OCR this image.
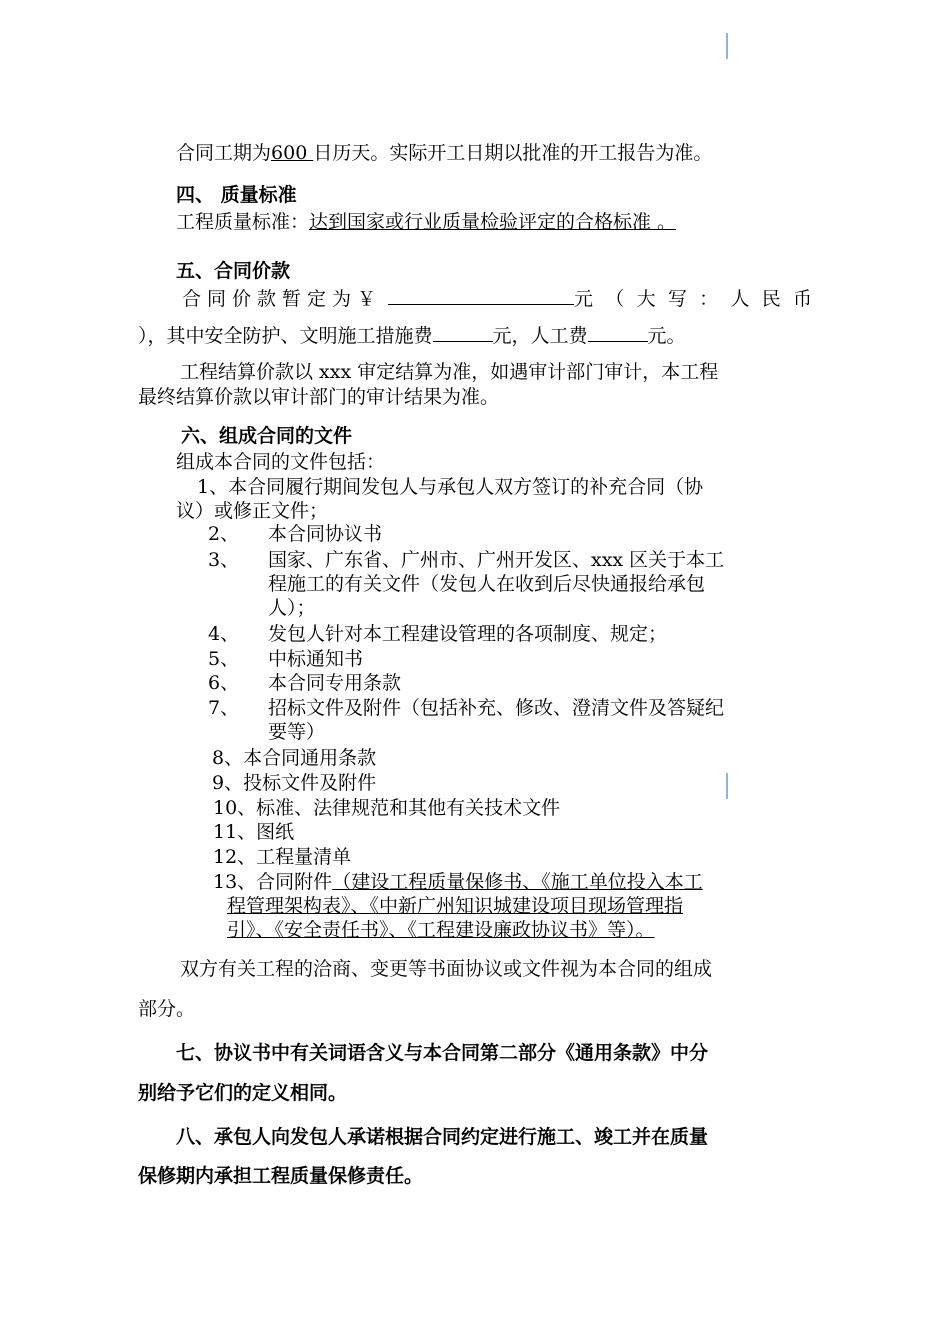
合同工期为600 日历天。实际开工日期以批准的开工报告为准。
四、 质量标准
工程质量标准：达到国家或行业质量检验评定的合格标准 。
五、合同价款
合同价款暂定为￥	元（大写：人民币
），其中安全防护、文明施工措施费	元，人工费	元。
工程结算价款以 xxx 审定结算为准，如遇审计部门审计，本工程
最终结算价款以审计部门的审计结果为准。
六、组成合同的文件
组成本合同的文件包括：
1、本合同履行期间发包人与承包人双方签订的补充合同（协
议）或修正文件；
2、 本合同协议书
3、 国家、广东省、广州市、广州开发区、xxx 区关于本工
程施工的有关文件（发包人在收到后尽快通报给承包
人）；
4、 发包人针对本工程建设管理的各项制度、规定；
5、 中标通知书
6、 本合同专用条款
7、 招标文件及附件（包括补充、修改、澄清文件及答疑纪
要等）
8、本合同通用条款
9、投标文件及附件
10、标准、法律规范和其他有关技术文件
11、图纸
12、工程量清单
13、合同附件（建设工程质量保修书、《施工单位投入本工
程管理架构表》、《中新广州知识城建设项目现场管理指
引》、《安全责任书》、《工程建设廉政协议书》等）。
双方有关工程的洽商、变更等书面协议或文件视为本合同的组成
部分。
七、协议书中有关词语含义与本合同第二部分《通用条款》中分
别给予它们的定义相同。
八、承包人向发包人承诺根据合同约定进行施工、竣工并在质量
保修期内承担工程质量保修责任。
